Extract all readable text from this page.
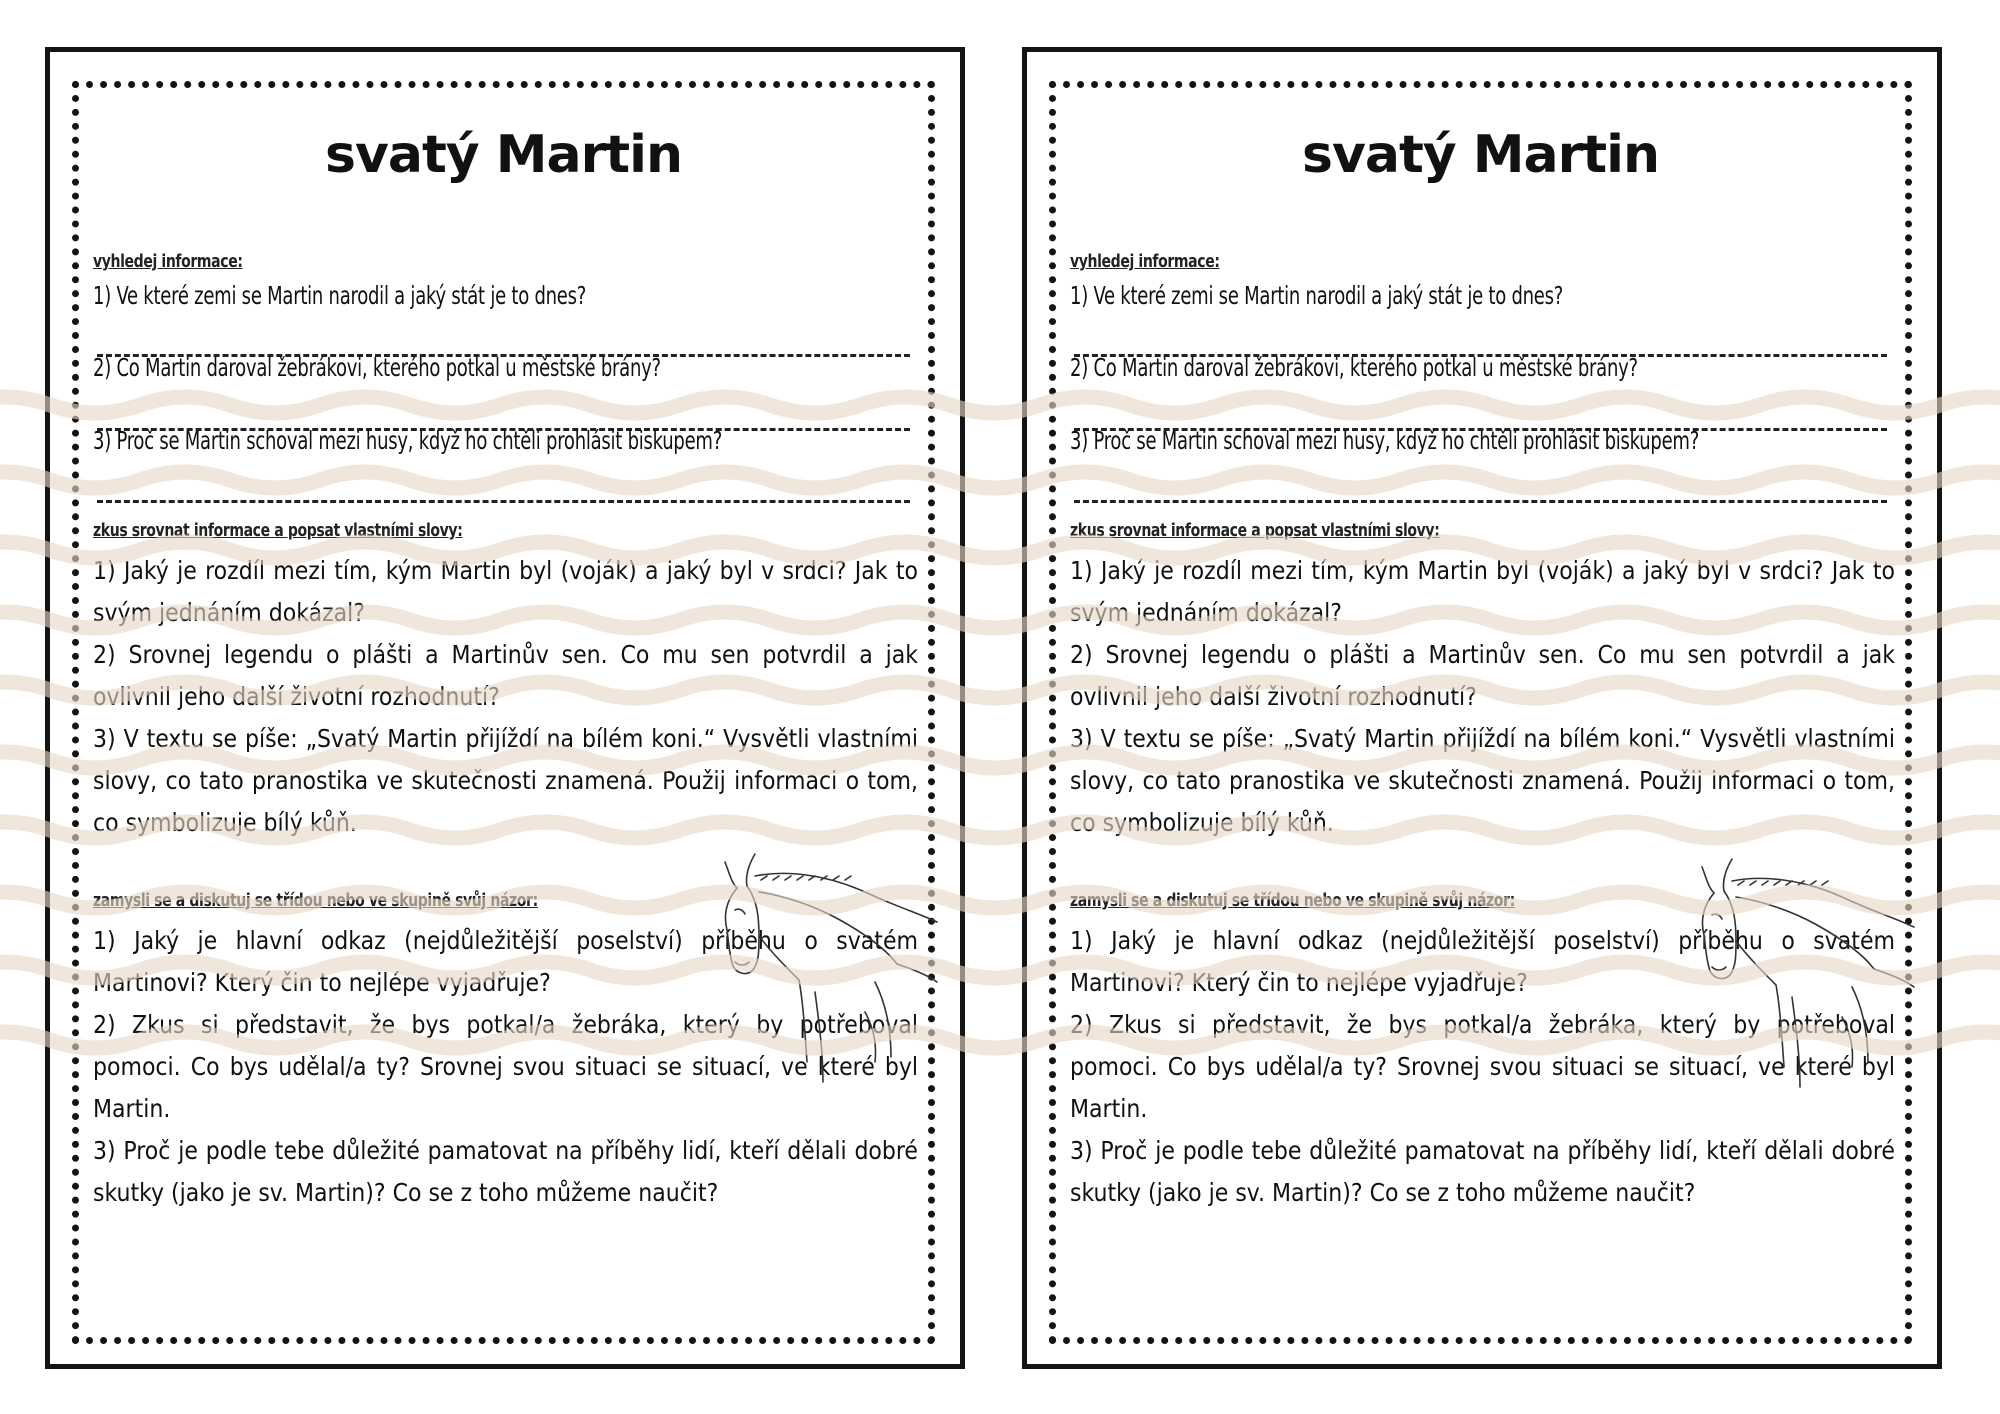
svatý Martin
vyhledej informace:
1) Ve které zemi se Martin narodil a jaký stát je to dnes?
2) Co Martin daroval žebrákovi, kterého potkal u městské brány?
3) Proč se Martin schoval mezi husy, když ho chtěli prohlásit biskupem?
zkus srovnat informace a popsat vlastními slovy:
1) Jaký je rozdíl mezi tím, kým Martin byl (voják) a jaký byl v srdci? Jak to svým jednáním dokázal?
2) Srovnej legendu o plášti a Martinův sen. Co mu sen potvrdil a jak ovlivnil jeho další životní rozhodnutí?
3) V textu se píše: „Svatý Martin přijíždí na bílém koni.“ Vysvětli vlastními slovy, co tato pranostika ve skutečnosti znamená. Použij informaci o tom, co symbolizuje bílý kůň.
zamysli se a diskutuj se třídou nebo ve skupině svůj názor:
1) Jaký je hlavní odkaz (nejdůležitější poselství) příběhu o svatém Martinovi? Který čin to nejlépe vyjadřuje?
2) Zkus si představit, že bys potkal/a žebráka, který by potřeboval pomoci. Co bys udělal/a ty? Srovnej svou situaci se situací, ve které byl Martin.
3) Proč je podle tebe důležité pamatovat na příběhy lidí, kteří dělali dobré skutky (jako je sv. Martin)? Co se z toho můžeme naučit?
svatý Martin
vyhledej informace:
1) Ve které zemi se Martin narodil a jaký stát je to dnes?
2) Co Martin daroval žebrákovi, kterého potkal u městské brány?
3) Proč se Martin schoval mezi husy, když ho chtěli prohlásit biskupem?
zkus srovnat informace a popsat vlastními slovy:
1) Jaký je rozdíl mezi tím, kým Martin byl (voják) a jaký byl v srdci? Jak to svým jednáním dokázal?
2) Srovnej legendu o plášti a Martinův sen. Co mu sen potvrdil a jak ovlivnil jeho další životní rozhodnutí?
3) V textu se píše: „Svatý Martin přijíždí na bílém koni.“ Vysvětli vlastními slovy, co tato pranostika ve skutečnosti znamená. Použij informaci o tom, co symbolizuje bílý kůň.
zamysli se a diskutuj se třídou nebo ve skupině svůj názor:
1) Jaký je hlavní odkaz (nejdůležitější poselství) příběhu o svatém Martinovi? Který čin to nejlépe vyjadřuje?
2) Zkus si představit, že bys potkal/a žebráka, který by potřeboval pomoci. Co bys udělal/a ty? Srovnej svou situaci se situací, ve které byl Martin.
3) Proč je podle tebe důležité pamatovat na příběhy lidí, kteří dělali dobré skutky (jako je sv. Martin)? Co se z toho můžeme naučit?
